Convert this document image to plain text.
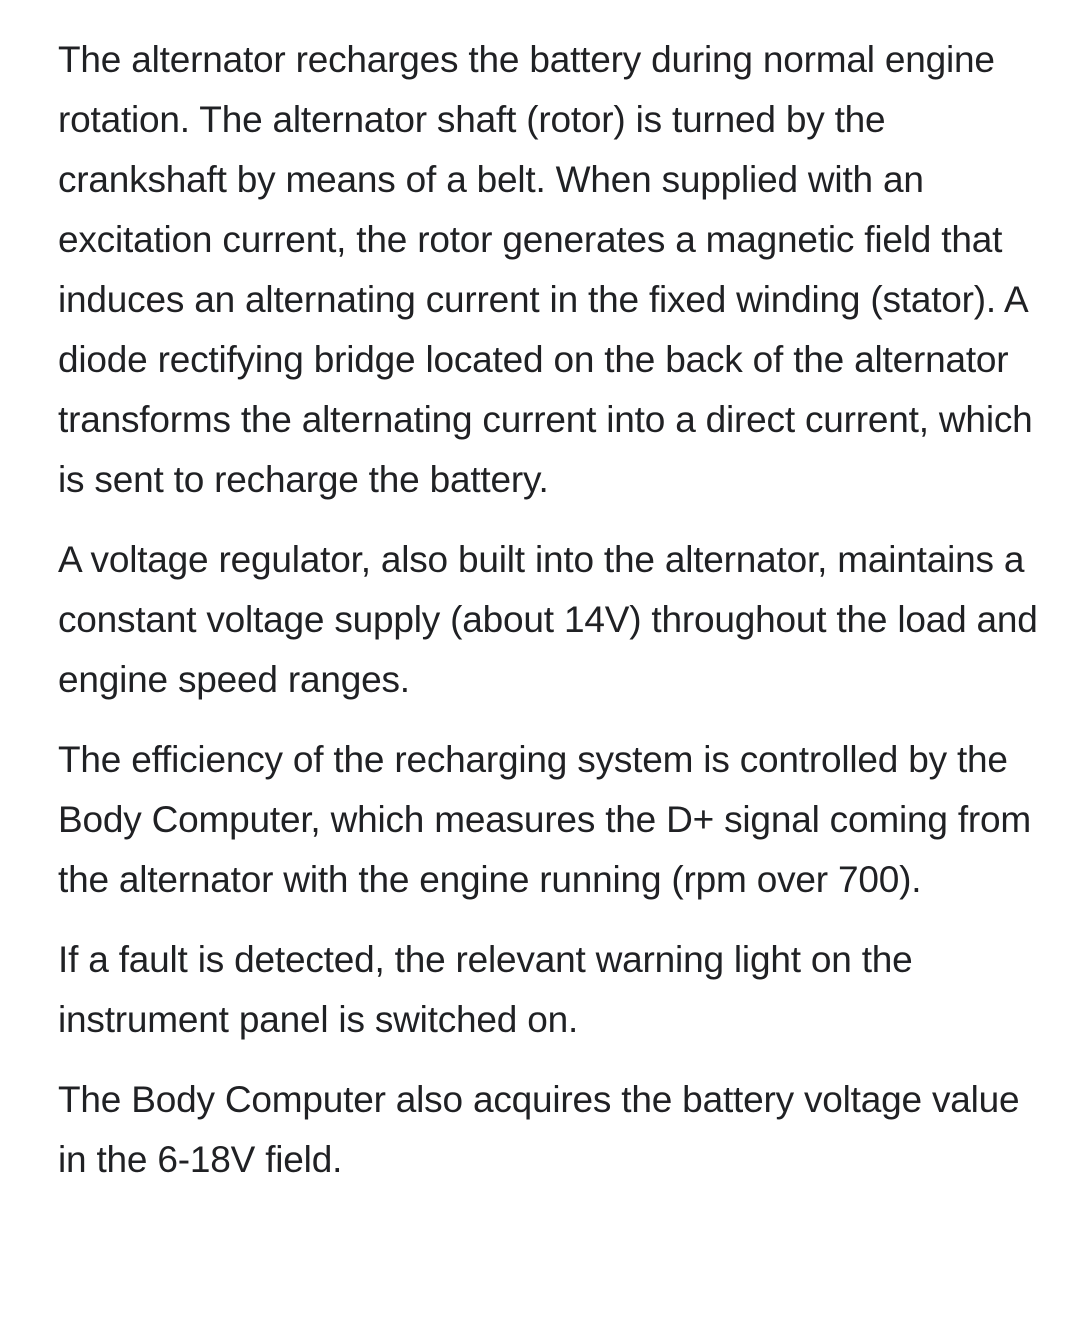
The alternator recharges the battery during normal engine rotation. The alternator shaft (rotor) is turned by the crankshaft by means of a belt. When supplied with an excitation current, the rotor generates a magnetic field that induces an alternating current in the fixed winding (stator). A diode rectifying bridge located on the back of the alternator transforms the alternating current into a direct current, which is sent to recharge the battery.

A voltage regulator, also built into the alternator, maintains a constant voltage supply (about 14V) throughout the load and engine speed ranges.

The efficiency of the recharging system is controlled by the Body Computer, which measures the D+ signal coming from the alternator with the engine running (rpm over 700).

If a fault is detected, the relevant warning light on the instrument panel is switched on.

The Body Computer also acquires the battery voltage value in the 6-18V field.
